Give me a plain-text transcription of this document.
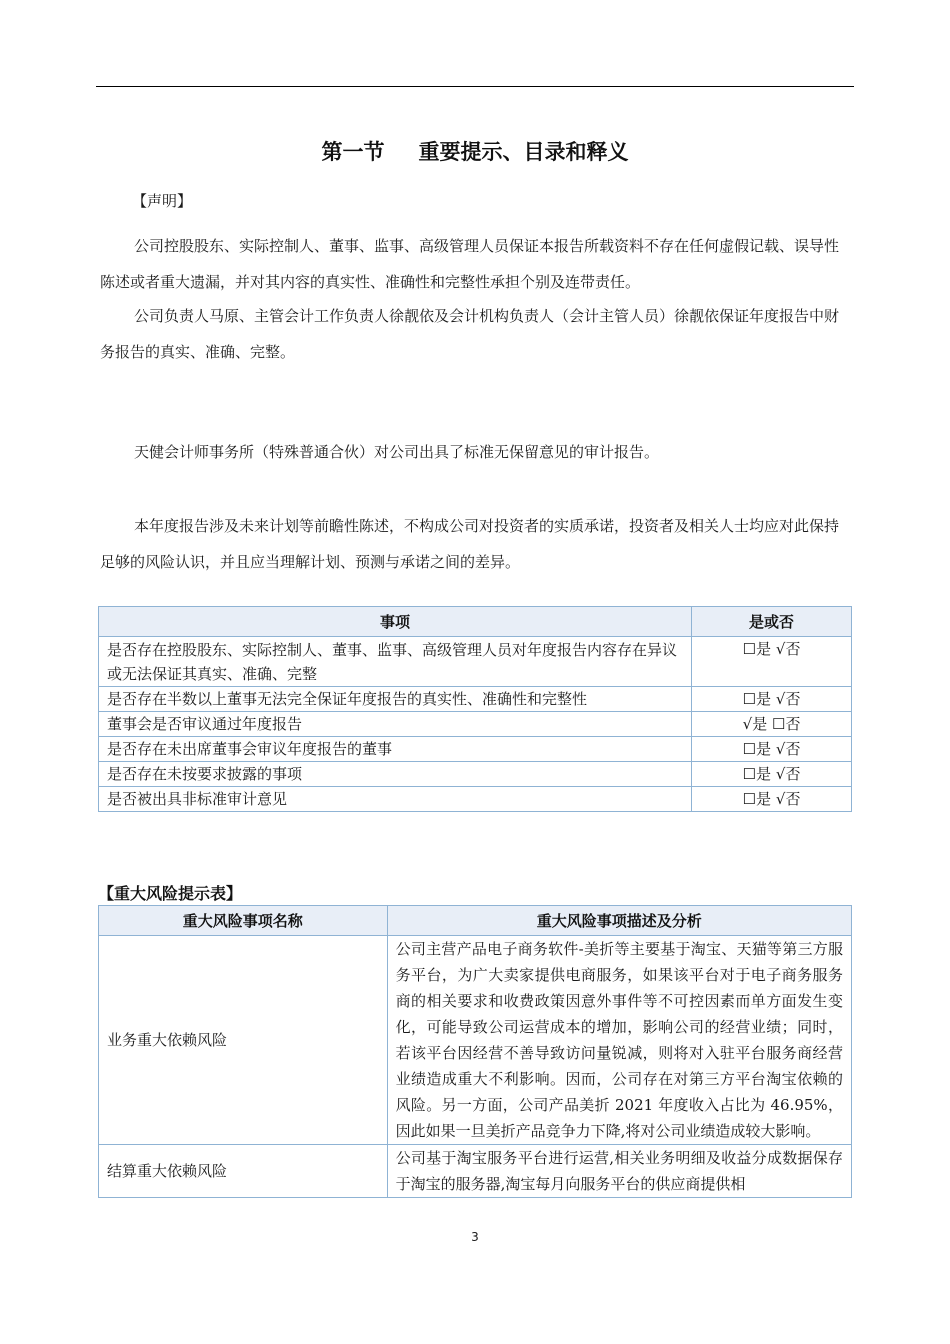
第一节 重要提示、目录和释义
【声明】

公司控股股东、实际控制人、董事、监事、高级管理人员保证本报告所载资料不存在任何虚假记载、误导性陈述或者重大遗漏，并对其内容的真实性、准确性和完整性承担个别及连带责任。

公司负责人马原、主管会计工作负责人徐靓依及会计机构负责人（会计主管人员）徐靓依保证年度报告中财务报告的真实、准确、完整。

天健会计师事务所（特殊普通合伙）对公司出具了标准无保留意见的审计报告。

本年度报告涉及未来计划等前瞻性陈述，不构成公司对投资者的实质承诺，投资者及相关人士均应对此保持足够的风险认识，并且应当理解计划、预测与承诺之间的差异。

事项	是或否
是否存在控股股东、实际控制人、董事、监事、高级管理人员对年度报告内容存在异议或无法保证其真实、准确、完整	☐是 √否
是否存在半数以上董事无法完全保证年度报告的真实性、准确性和完整性	☐是 √否
董事会是否审议通过年度报告	√是 ☐否
是否存在未出席董事会审议年度报告的董事	☐是 √否
是否存在未按要求披露的事项	☐是 √否
是否被出具非标准审计意见	☐是 √否
【重大风险提示表】
重大风险事项名称	重大风险事项描述及分析
业务重大依赖风险	公司主营产品电子商务软件-美折等主要基于淘宝、天猫等第三方服务平台，为广大卖家提供电商服务，如果该平台对于电子商务服务商的相关要求和收费政策因意外事件等不可控因素而单方面发生变化，可能导致公司运营成本的增加，影响公司的经营业绩；同时，若该平台因经营不善导致访问量锐减，则将对入驻平台服务商经营业绩造成重大不利影响。因而，公司存在对第三方平台淘宝依赖的风险。另一方面，公司产品美折 2021 年度收入占比为 46.95%，因此如果一旦美折产品竞争力下降,将对公司业绩造成较大影响。
结算重大依赖风险	公司基于淘宝服务平台进行运营,相关业务明细及收益分成数据保存于淘宝的服务器,淘宝每月向服务平台的供应商提供相
3
